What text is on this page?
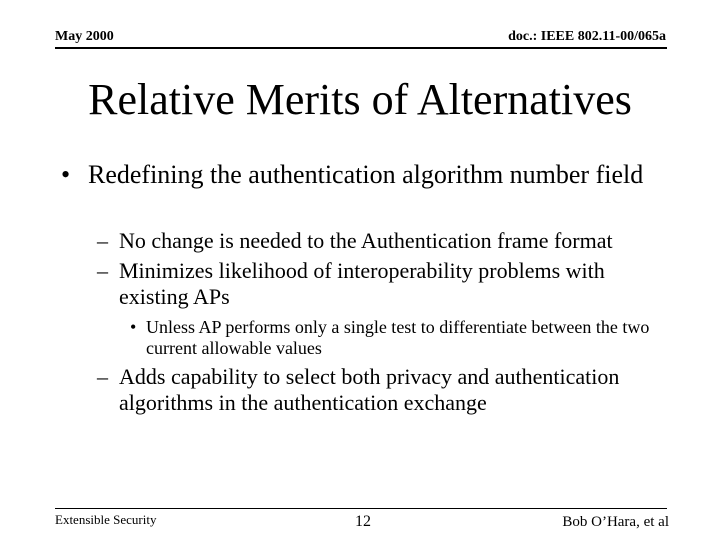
May 2000	doc.: IEEE 802.11-00/065a
Relative Merits of Alternatives
• Redefining the authentication algorithm number field
– No change is needed to the Authentication frame format
– Minimizes likelihood of interoperability problems with existing APs
• Unless AP performs only a single test to differentiate between the two current allowable values
– Adds capability to select both privacy and authentication algorithms in the authentication exchange
Extensible Security	12	Bob O’Hara, et al
